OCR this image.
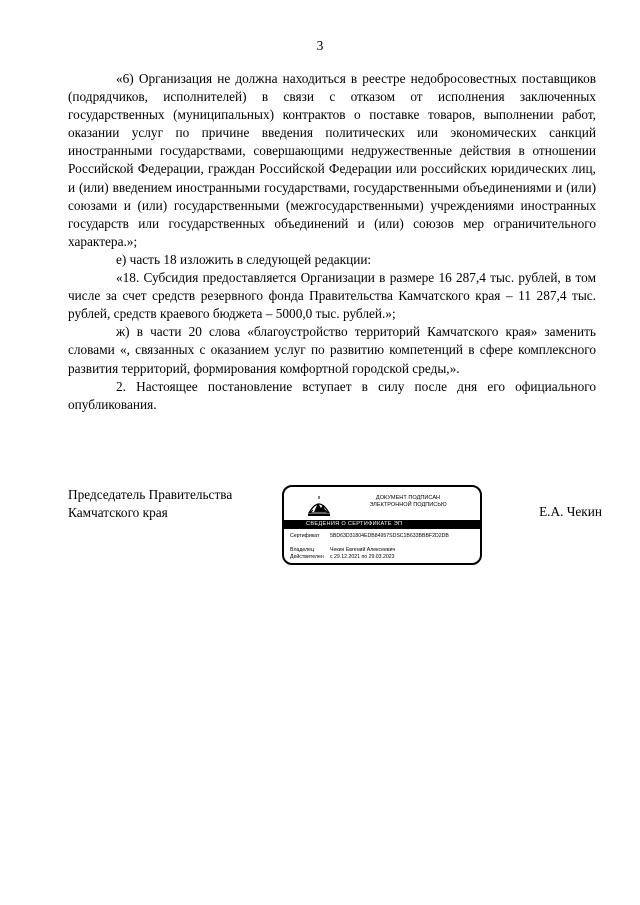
3

«6) Организация не должна находиться в реестре недобросовестных поставщиков (подрядчиков, исполнителей) в связи с отказом от исполнения заключенных государственных (муниципальных) контрактов о поставке товаров, выполнении работ, оказании услуг по причине введения политических или экономических санкций иностранными государствами, совершающими недружественные действия в отношении Российской Федерации, граждан Российской Федерации или российских юридических лиц, и (или) введением иностранными государствами, государственными объединениями и (или) союзами и (или) государственными (межгосударственными) учреждениями иностранных государств или государственных объединений и (или) союзов мер ограничительного характера.»;

е) часть 18 изложить в следующей редакции:

«18. Субсидия предоставляется Организации в размере 16 287,4 тыс. рублей, в том числе за счет средств резервного фонда Правительства Камчатского края – 11 287,4 тыс. рублей, средств краевого бюджета – 5000,0 тыс. рублей.»;

ж) в части 20 слова «благоустройство территорий Камчатского края» заменить словами «, связанных с оказанием услуг по развитию компетенций в сфере комплексного развития территорий, формирования комфортной городской среды,».

2. Настоящее постановление вступает в силу после дня его официального опубликования.

Председатель Правительства
Камчатского края
ДОКУМЕНТ ПОДПИСАН
ЭЛЕКТРОННОЙ ПОДПИСЬЮ
СВЕДЕНИЯ О СЕРТИФИКАТЕ ЭП
Сертификат 5BD63D31804EDB84957SDSC1B633BBBF2D2DB
Владелец	Чекин Евгений Алексеевич
Действителен с 29.12.2021 по 29.03.2023
Е.А. Чекин
